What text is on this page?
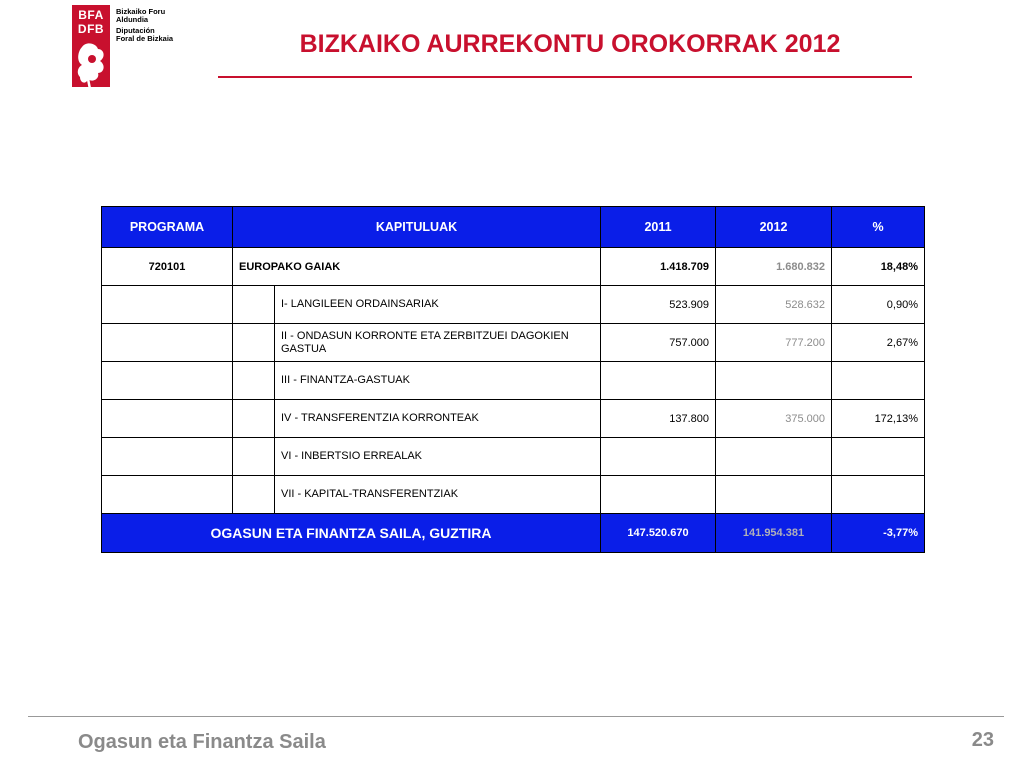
BFA
DFB
Bizkaiko Foru
Aldundia
Diputación
Foral de Bizkaia	BIZKAIKO AURREKONTU OROKORRAK 2012
PROGRAMA	KAPITULUAK		2011	2012	%
720101	EUROPAKO GAIAK		1.418.709	1.680.832	18,48%
		I- LANGILEEN ORDAINSARIAK	523.909	528.632	0,90%
		II - ONDASUN KORRONTE ETA ZERBITZUEI DAGOKIEN GASTUA	757.000	777.200	2,67%
		III - FINANTZA-GASTUAK			
		IV - TRANSFERENTZIA KORRONTEAK	137.800	375.000	172,13%
		VI - INBERTSIO ERREALAK			
		VII - KAPITAL-TRANSFERENTZIAK			
OGASUN ETA FINANTZA SAILA, GUZTIRA			147.520.670	141.954.381	-3,77%
Ogasun eta Finantza Saila	23
